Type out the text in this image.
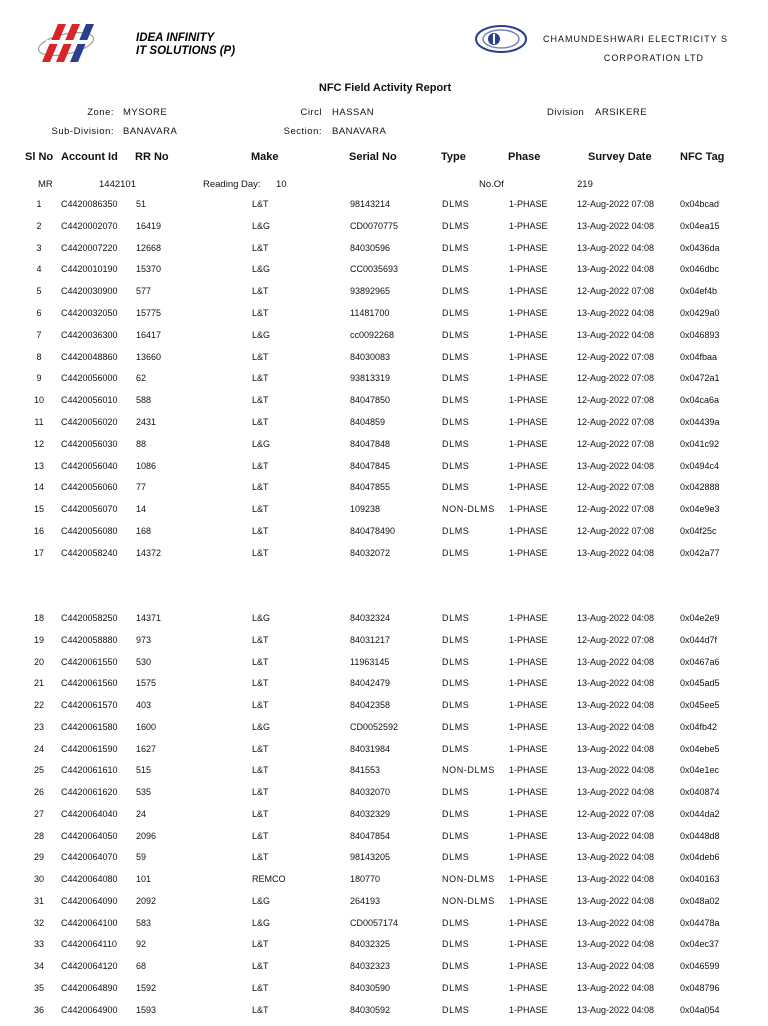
IDEA INFINITY
IT SOLUTIONS (P)
CHAMUNDESHWARI ELECTRICITY S
CORPORATION LTD
NFC Field Activity Report
Zone: MYSORE	Circl HASSAN	Division ARSIKERE
Sub-Division: BANAVARA	Section: BANAVARA
Sl No Account Id RR No	Make	Serial No	Type	Phase	Survey Date	NFC Tag
MR	1442101	Reading Day: 10	No.Of	219
1	C4420086350 51	L&T	98143214	DLMS	1-PHASE	12-Aug-2022 07:08	0x04bcad
2	C4420002070 16419	L&G	CD0070775	DLMS	1-PHASE	13-Aug-2022 04:08	0x04ea15
3	C4420007220 12668	L&T	84030596	DLMS	1-PHASE	13-Aug-2022 04:08	0x0436da
4	C4420010190 15370	L&G	CC0035693	DLMS	1-PHASE	13-Aug-2022 04:08	0x046dbc
5	C4420030900 577	L&T	93892965	DLMS	1-PHASE	12-Aug-2022 07:08	0x04ef4b
6	C4420032050 15775	L&T	11481700	DLMS	1-PHASE	13-Aug-2022 04:08	0x0429a0
7	C4420036300 16417	L&G	cc0092268	DLMS	1-PHASE	13-Aug-2022 04:08	0x046893
8	C4420048860 13660	L&T	84030083	DLMS	1-PHASE	12-Aug-2022 07:08	0x04fbaa
9	C4420056000 62	L&T	93813319	DLMS	1-PHASE	12-Aug-2022 07:08	0x0472a1
10	C4420056010 588	L&T	84047850	DLMS	1-PHASE	12-Aug-2022 07:08	0x04ca6a
11	C4420056020 2431	L&T	8404859	DLMS	1-PHASE	12-Aug-2022 07:08	0x04439a
12	C4420056030 88	L&G	84047848	DLMS	1-PHASE	12-Aug-2022 07:08	0x041c92
13	C4420056040 1086	L&T	84047845	DLMS	1-PHASE	13-Aug-2022 04:08	0x0494c4
14	C4420056060 77	L&T	84047855	DLMS	1-PHASE	12-Aug-2022 07:08	0x042888
15	C4420056070 14	L&T	109238	NON-DLMS 1-PHASE	12-Aug-2022 07:08	0x04e9e3
16	C4420056080 168	L&T	840478490	DLMS	1-PHASE	12-Aug-2022 07:08	0x04f25c
17	C4420058240 14372	L&T	84032072	DLMS	1-PHASE	13-Aug-2022 04:08	0x042a77
18	C4420058250 14371	L&G	84032324	DLMS	1-PHASE	13-Aug-2022 04:08	0x04e2e9
19	C4420058880 973	L&T	84031217	DLMS	1-PHASE	12-Aug-2022 07:08	0x044d7f
20	C4420061550 530	L&T	11963145	DLMS	1-PHASE	13-Aug-2022 04:08	0x0467a6
21	C4420061560 1575	L&T	84042479	DLMS	1-PHASE	13-Aug-2022 04:08	0x045ad5
22	C4420061570 403	L&T	84042358	DLMS	1-PHASE	13-Aug-2022 04:08	0x045ee5
23	C4420061580 1600	L&G	CD0052592	DLMS	1-PHASE	13-Aug-2022 04:08	0x04fb42
24	C4420061590 1627	L&T	84031984	DLMS	1-PHASE	13-Aug-2022 04:08	0x04ebe5
25	C4420061610 515	L&T	841553	NON-DLMS 1-PHASE	13-Aug-2022 04:08	0x04e1ec
26	C4420061620 535	L&T	84032070	DLMS	1-PHASE	13-Aug-2022 04:08	0x040874
27	C4420064040 24	L&T	84032329	DLMS	1-PHASE	12-Aug-2022 07:08	0x044da2
28	C4420064050 2096	L&T	84047854	DLMS	1-PHASE	13-Aug-2022 04:08	0x0448d8
29	C4420064070 59	L&T	98143205	DLMS	1-PHASE	13-Aug-2022 04:08	0x04deb6
30	C4420064080 101	REMCO	180770	NON-DLMS 1-PHASE	13-Aug-2022 04:08	0x040163
31	C4420064090 2092	L&G	264193	NON-DLMS 1-PHASE	13-Aug-2022 04:08	0x048a02
32	C4420064100 583	L&G	CD0057174	DLMS	1-PHASE	13-Aug-2022 04:08	0x04478a
33	C4420064110 92	L&T	84032325	DLMS	1-PHASE	13-Aug-2022 04:08	0x04ec37
34	C4420064120 68	L&T	84032323	DLMS	1-PHASE	13-Aug-2022 04:08	0x046599
35	C4420064890 1592	L&T	84030590	DLMS	1-PHASE	13-Aug-2022 04:08	0x048796
36	C4420064900 1593	L&T	84030592	DLMS	1-PHASE	13-Aug-2022 04:08	0x04a054
